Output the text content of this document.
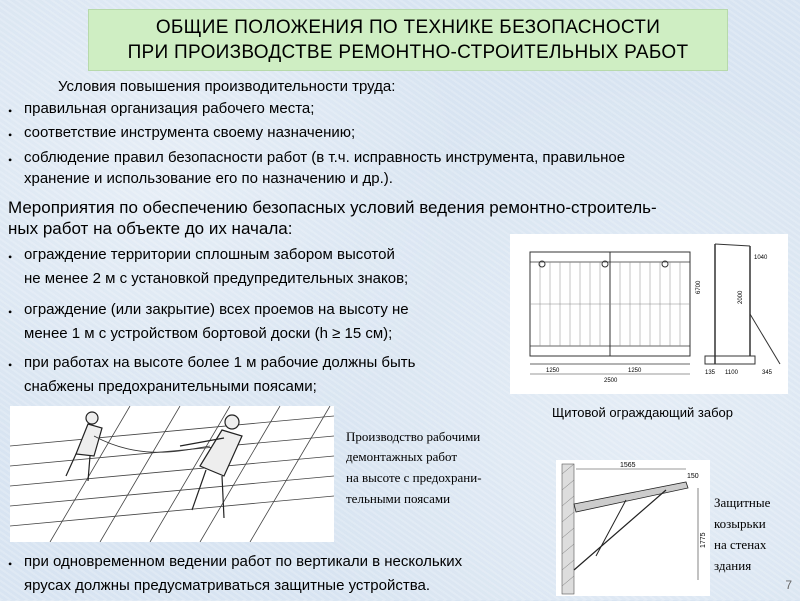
ОБЩИЕ ПОЛОЖЕНИЯ ПО ТЕХНИКЕ БЕЗОПАСНОСТИ
ПРИ ПРОИЗВОДСТВЕ РЕМОНТНО-СТРОИТЕЛЬНЫХ РАБОТ
Условия повышения производительности труда:
• правильная организация рабочего места;
• соответствие инструмента своему назначению;
• соблюдение правил безопасности работ (в т.ч. исправность инструмента, правильное
хранение и использование его по назначению и др.).
Мероприятия по обеспечению безопасных условий ведения ремонтно-строитель-
ных работ на объекте до их начала:
• ограждение территории сплошным забором высотой
не менее 2 м с установкой предупредительных знаков;
• ограждение (или закрытие) всех проемов на высоту не
менее 1 м с устройством бортовой доски (h ≥ 15 см);
• при работах на высоте более 1 м рабочие должны быть
снабжены предохранительными поясами;
• при одновременном ведении работ по вертикали в нескольких
ярусах должны предусматриваться защитные устройства.
1250	1250
2500
6700
2000
1040
135 1100	345
Щитовой ограждающий забор
Производство рабочими
демонтажных работ
на высоте с предохрани-
тельными поясами
1565
150
1775
Защитные
козырьки
на стенах
здания
7
